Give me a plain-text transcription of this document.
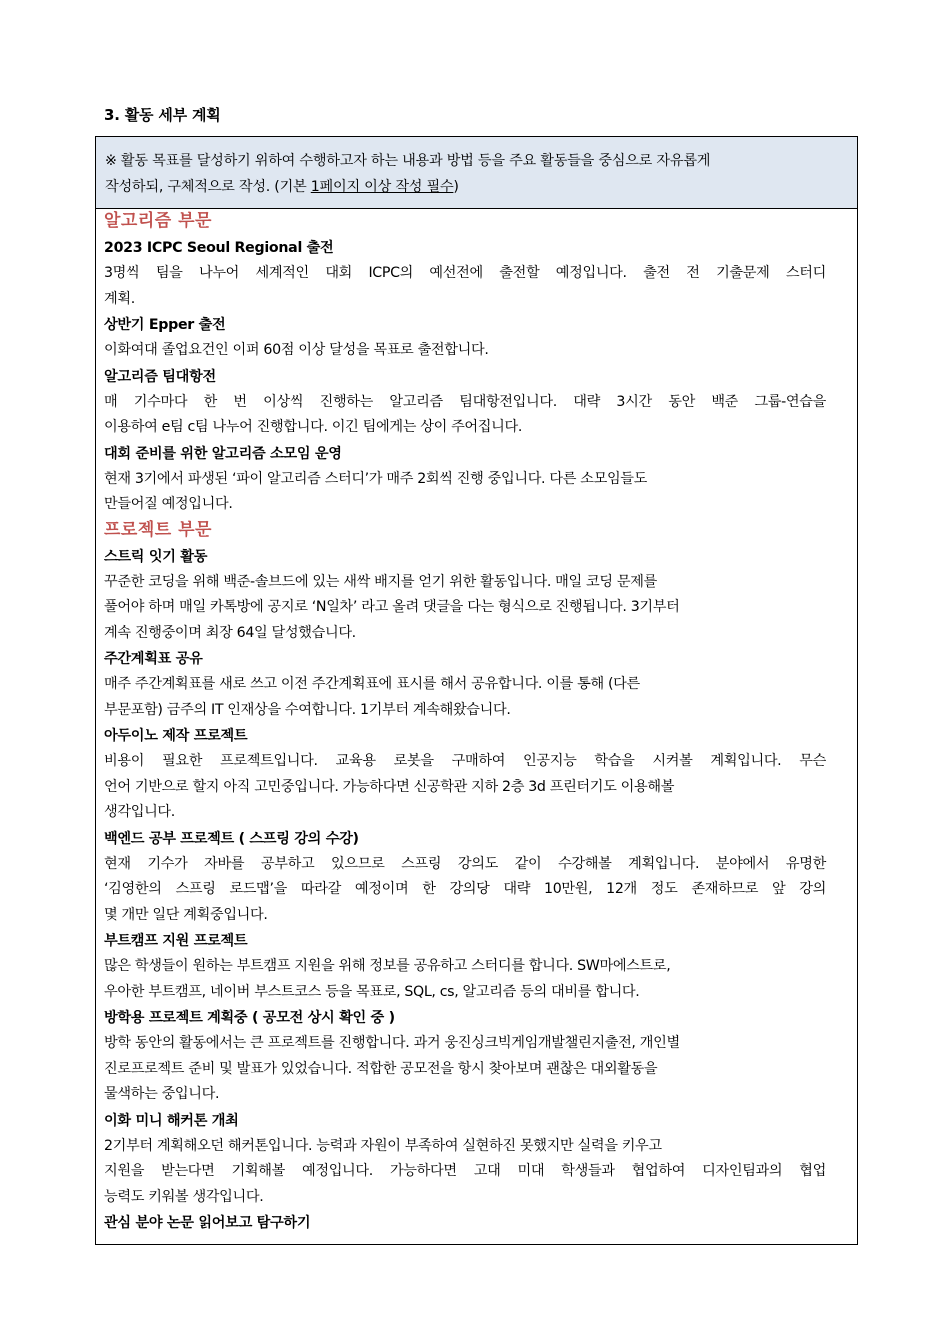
3. 활동 세부 계획
※ 활동 목표를 달성하기 위하여 수행하고자 하는 내용과 방법 등을 주요 활동들을 중심으로 자유롭게
작성하되, 구체적으로 작성. (기본 1페이지 이상 작성 필수)
알고리즘 부문
2023 ICPC Seoul Regional 출전
3명씩 팀을 나누어 세계적인 대회 ICPC의 예선전에 출전할 예정입니다. 출전 전 기출문제 스터디
계획.
상반기 Epper 출전
이화여대 졸업요건인 이퍼 60점 이상 달성을 목표로 출전합니다.
알고리즘 팀대항전
매 기수마다 한 번 이상씩 진행하는 알고리즘 팀대항전입니다. 대략 3시간 동안 백준 그룹-연습을
이용하여 e팀 c팀 나누어 진행합니다. 이긴 팀에게는 상이 주어집니다.
대회 준비를 위한 알고리즘 소모임 운영
현재 3기에서 파생된 ‘파이 알고리즘 스터디’가 매주 2회씩 진행 중입니다. 다른 소모임들도
만들어질 예정입니다.
프로젝트 부문
스트릭 잇기 활동
꾸준한 코딩을 위해 백준-솔브드에 있는 새싹 배지를 얻기 위한 활동입니다. 매일 코딩 문제를
풀어야 하며 매일 카톡방에 공지로 ‘N일차’ 라고 올려 댓글을 다는 형식으로 진행됩니다. 3기부터
계속 진행중이며 최장 64일 달성했습니다.
주간계획표 공유
매주 주간계획표를 새로 쓰고 이전 주간계획표에 표시를 해서 공유합니다. 이를 통해 (다른
부문포함) 금주의 IT 인재상을 수여합니다. 1기부터 계속해왔습니다.
아두이노 제작 프로젝트
비용이 필요한 프로젝트입니다. 교육용 로봇을 구매하여 인공지능 학습을 시켜볼 계획입니다. 무슨
언어 기반으로 할지 아직 고민중입니다. 가능하다면 신공학관 지하 2층 3d 프린터기도 이용해볼
생각입니다.
백엔드 공부 프로젝트 ( 스프링 강의 수강)
현재 기수가 자바를 공부하고 있으므로 스프링 강의도 같이 수강해볼 계획입니다. 분야에서 유명한
‘김영한의 스프링 로드맵’을 따라갈 예정이며 한 강의당 대략 10만원, 12개 정도 존재하므로 앞 강의
몇 개만 일단 계획중입니다.
부트캠프 지원 프로젝트
많은 학생들이 원하는 부트캠프 지원을 위해 정보를 공유하고 스터디를 합니다. SW마에스트로,
우아한 부트캠프, 네이버 부스트코스 등을 목표로, SQL, cs, 알고리즘 등의 대비를 합니다.
방학용 프로젝트 계획중 ( 공모전 상시 확인 중 )
방학 동안의 활동에서는 큰 프로젝트를 진행합니다. 과거 웅진싱크빅게임개발챌린지출전, 개인별
진로프로젝트 준비 및 발표가 있었습니다. 적합한 공모전을 항시 찾아보며 괜찮은 대외활동을
물색하는 중입니다.
이화 미니 해커톤 개최
2기부터 계획해오던 해커톤입니다. 능력과 자원이 부족하여 실현하진 못했지만 실력을 키우고
지원을 받는다면 기획해볼 예정입니다. 가능하다면 고대 미대 학생들과 협업하여 디자인팀과의 협업
능력도 키워볼 생각입니다.
관심 분야 논문 읽어보고 탐구하기
